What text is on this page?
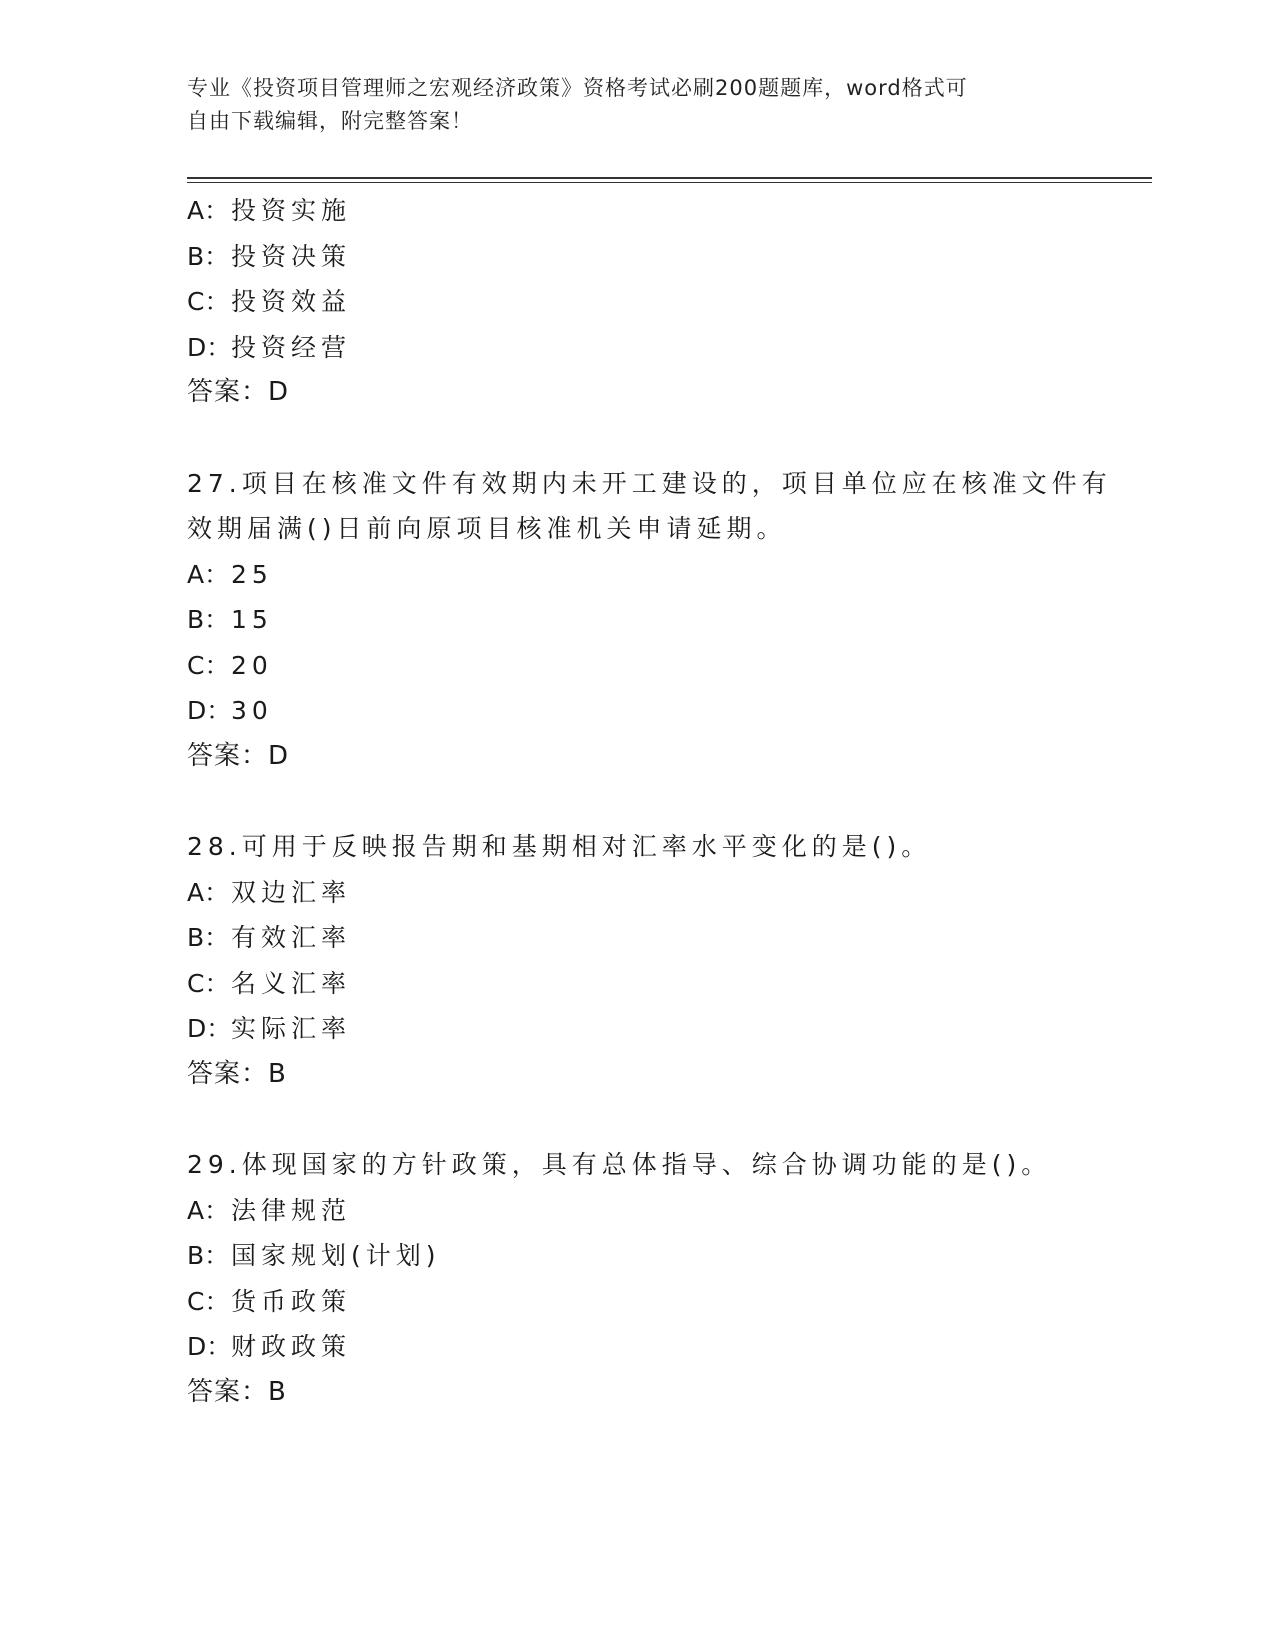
专业《投资项目管理师之宏观经济政策》资格考试必刷200题题库，word格式可
自由下载编辑，附完整答案！
A：投资实施
B：投资决策
C：投资效益
D：投资经营
答案：D
27.项目在核准文件有效期内未开工建设的，项目单位应在核准文件有
效期届满()日前向原项目核准机关申请延期。
A：25
B：15
C：20
D：30
答案：D
28.可用于反映报告期和基期相对汇率水平变化的是()。
A：双边汇率
B：有效汇率
C：名义汇率
D：实际汇率
答案：B
29.体现国家的方针政策，具有总体指导、综合协调功能的是()。
A：法律规范
B：国家规划(计划)
C：货币政策
D：财政政策
答案：B
